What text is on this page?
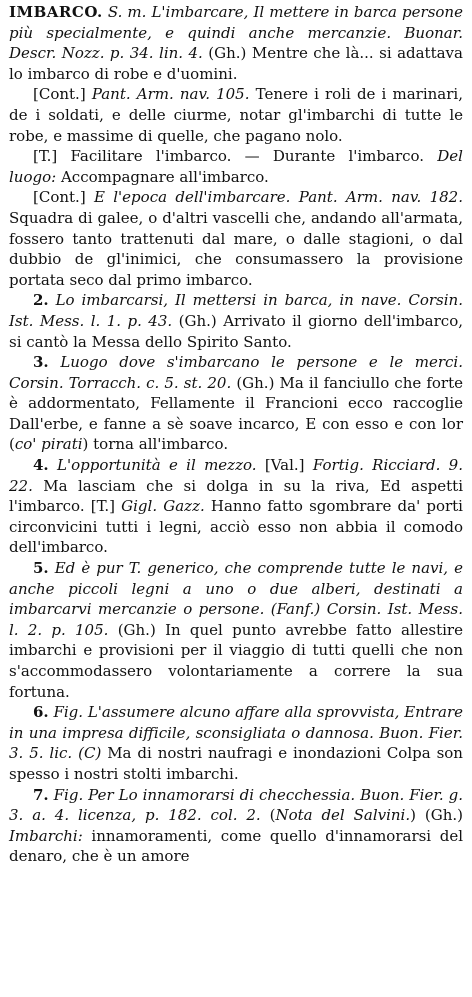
IMBARCO. S. m. L'imbarcare, Il mettere in barca persone più specialmente, e quindi anche mercanzie. Buonar. Descr. Nozz. p. 34. lin. 4. (Gh.) Mentre che là... si adattava lo imbarco di robe e d'uomini.

[Cont.] Pant. Arm. nav. 105. Tenere i roli de i marinari, de i soldati, e delle ciurme, notar gl'imbarchi di tutte le robe, e massime di quelle, che pagano nolo.

[T.] Facilitare l'imbarco. — Durante l'imbarco. Del luogo: Accompagnare all'imbarco.

[Cont.] E l'epoca dell'imbarcare. Pant. Arm. nav. 182. Squadra di galee, o d'altri vascelli che, andando all'armata, fossero tanto trattenuti dal mare, o dalle stagioni, o dal dubbio de gl'inimici, che consumassero la provisione portata seco dal primo imbarco.

2. Lo imbarcarsi, Il mettersi in barca, in nave. Corsin. Ist. Mess. l. 1. p. 43. (Gh.) Arrivato il giorno dell'imbarco, si cantò la Messa dello Spirito Santo.

3. Luogo dove s'imbarcano le persone e le merci. Corsin. Torracch. c. 5. st. 20. (Gh.) Ma il fanciullo che forte è addormentato, Fellamente il Francioni ecco raccoglie Dall'erbe, e fanne a sè soave incarco, E con esso e con lor (co' pirati) torna all'imbarco.

4. L'opportunità e il mezzo. [Val.] Fortig. Ricciard. 9. 22. Ma lasciam che si dolga in su la riva, Ed aspetti l'imbarco. [T.] Gigl. Gazz. Hanno fatto sgombrare da' porti circonvicini tutti i legni, acciò esso non abbia il comodo dell'imbarco.

5. Ed è pur T. generico, che comprende tutte le navi, e anche piccoli legni a uno o due alberi, destinati a imbarcarvi mercanzie o persone. (Fanf.) Corsin. Ist. Mess. l. 2. p. 105. (Gh.) In quel punto avrebbe fatto allestire imbarchi e provisioni per il viaggio di tutti quelli che non s'accommodassero volontariamente a correre la sua fortuna.

6. Fig. L'assumere alcuno affare alla sprovvista, Entrare in una impresa difficile, sconsigliata o dannosa. Buon. Fier. 3. 5. lic. (C) Ma di nostri naufragi e inondazioni Colpa son spesso i nostri stolti imbarchi.

7. Fig. Per Lo innamorarsi di checchessia. Buon. Fier. g. 3. a. 4. licenza, p. 182. col. 2. (Nota del Salvini.) (Gh.) Imbarchi: innamoramenti, come quello d'innamorarsi del denaro, che è un amore
